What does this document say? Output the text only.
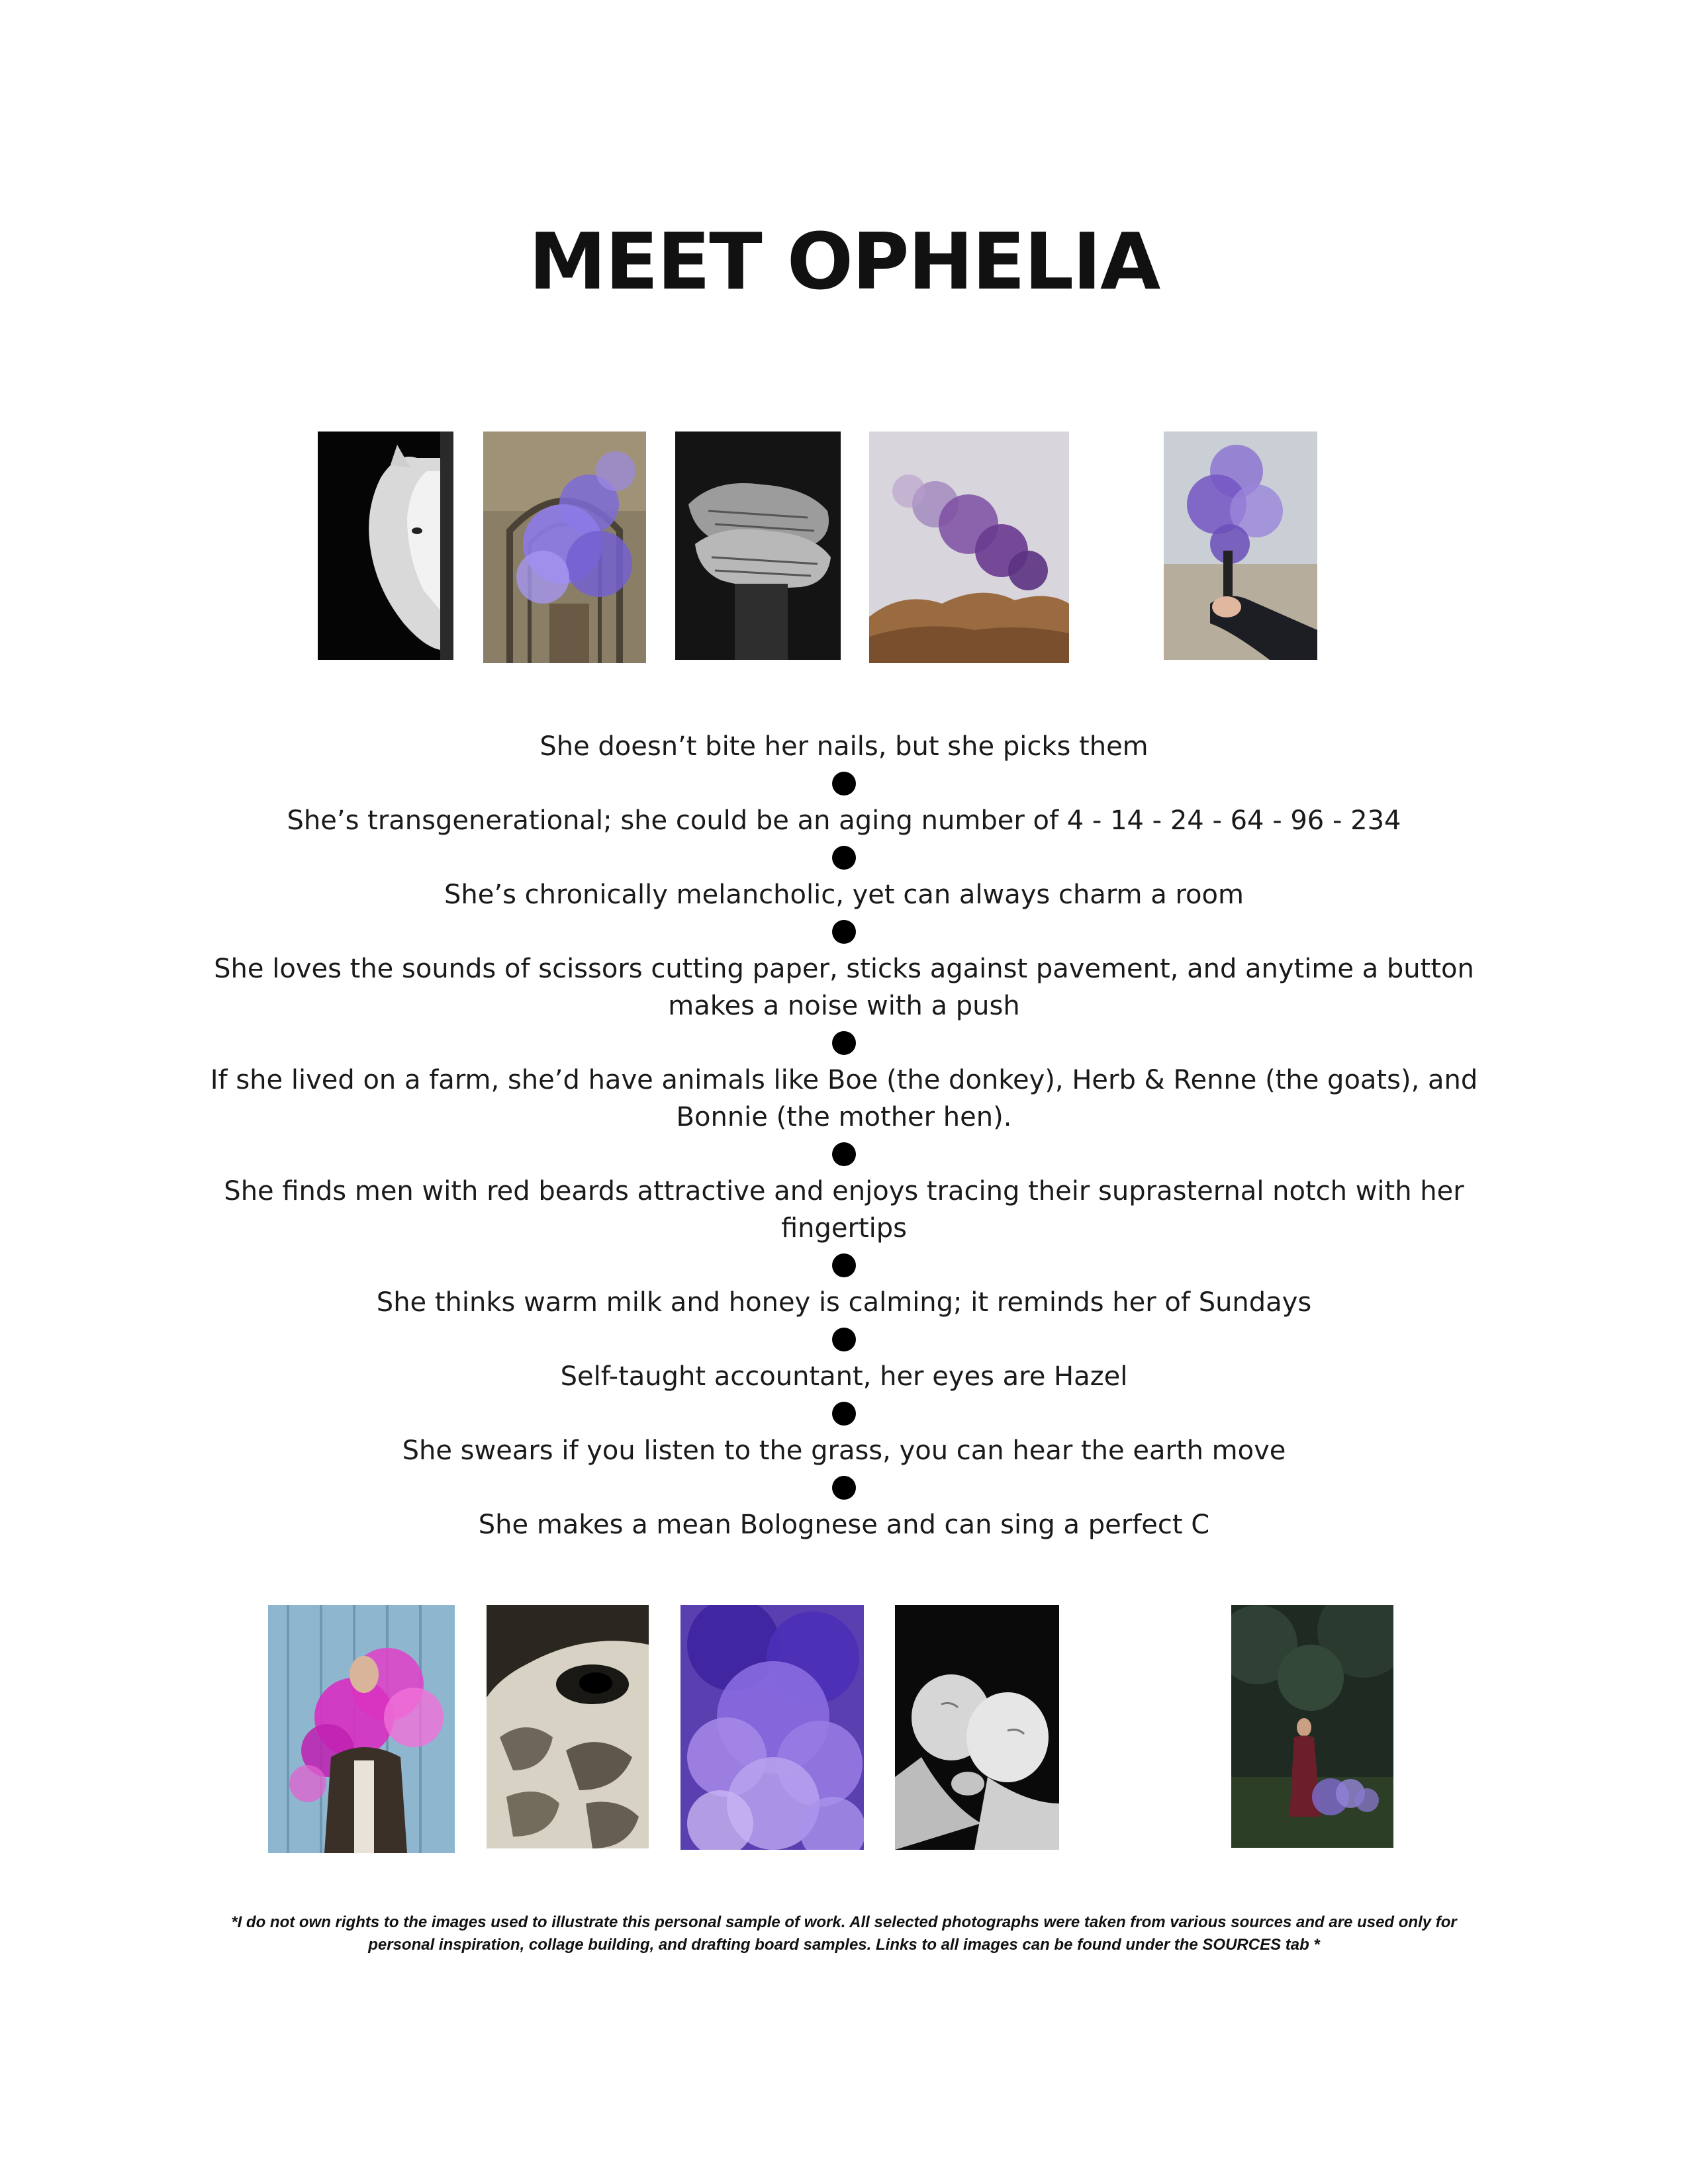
MEET OPHELIA

She doesn’t bite her nails, but she picks them

She’s transgenerational; she could be an aging number of 4 - 14 - 24 - 64 - 96 - 234

She’s chronically melancholic, yet can always charm a room

She loves the sounds of scissors cutting paper, sticks against pavement, and anytime a button makes a noise with a push

If she lived on a farm, she’d have animals like Boe (the donkey), Herb & Renne (the goats), and Bonnie (the mother hen).

She finds men with red beards attractive and enjoys tracing their suprasternal notch with her fingertips

She thinks warm milk and honey is calming; it reminds her of Sundays

Self-taught accountant, her eyes are Hazel

She swears if you listen to the grass, you can hear the earth move

She makes a mean Bolognese and can sing a perfect C

*I do not own rights to the images used to illustrate this personal sample of work. All selected photographs were taken from various sources and are used only for personal inspiration, collage building, and drafting board samples. Links to all images can be found under the SOURCES tab *
